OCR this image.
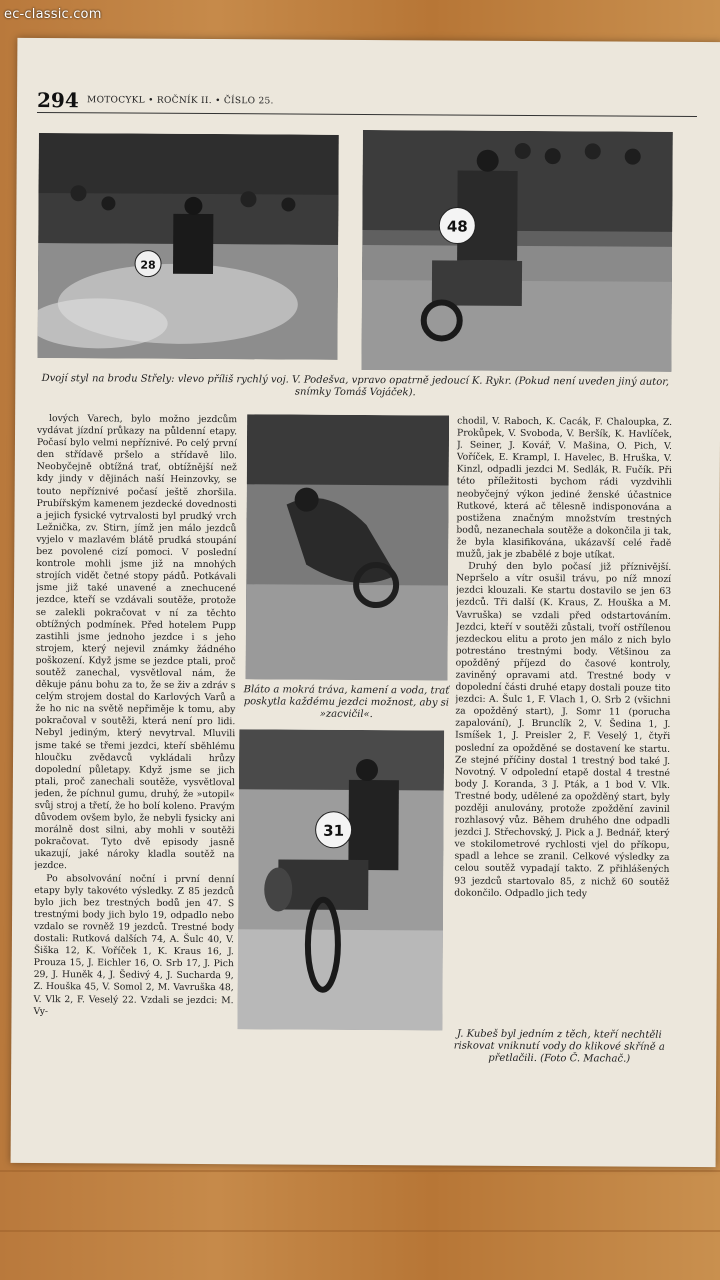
ec-classic.com
294 MOTOCYKL • ROČNÍK II. • ČÍSLO 25.
28
48
Dvojí styl na brodu Střely: vlevo příliš rychlý voj. V. Podešva, vpravo opatrně jedoucí K. Rykr. (Pokud není uveden jiný autor, snímky Tomáš Vojáček).

lových Varech, bylo možno jezdcům vydávat jízdní průkazy na půldenní etapy. Počasí bylo velmi nepříznivé. Po celý první den střídavě pršelo a střídavě lilo. Neobyčejně obtížná trať, obtížnější než kdy jindy v dějinách naší Heinzovky, se touto nepříznivé počasí ještě zhoršila. Prubířským kamenem jezdecké dovednosti a jejich fysické vytrvalosti byl prudký vrch Ležnička, zv. Stirn, jímž jen málo jezdců vyjelo v mazlavém blátě prudká stoupání bez povolené cizí pomoci. V poslední kontrole mohli jsme již na mnohých strojích vidět četné stopy pádů. Potkávali jsme již také unavené a znechucené jezdce, kteří se vzdávali soutěže, protože se zalekli pokračovat v ní za těchto obtížných podmínek. Před hotelem Pupp zastihli jsme jednoho jezdce i s jeho strojem, který nejevil známky žádného poškození. Když jsme se jezdce ptali, proč soutěž zanechal, vysvětloval nám, že děkuje pánu bohu za to, že se živ a zdráv s celým strojem dostal do Karlových Varů a že ho nic na světě nepřiměje k tomu, aby pokračoval v soutěži, která není pro lidi. Nebyl jediným, který nevytrval. Mluvili jsme také se třemi jezdci, kteří sběhlému hloučku zvědavců vykládali hrůzy dopolední půletapy. Když jsme se jich ptali, proč zanechali soutěže, vysvětloval jeden, že píchnul gumu, druhý, že »utopil« svůj stroj a třetí, že ho bolí koleno. Pravým důvodem ovšem bylo, že nebyli fysicky ani morálně dost silni, aby mohli v soutěži pokračovat. Tyto dvě episody jasně ukazují, jaké nároky kladla soutěž na jezdce.

Po absolvování noční i první denní etapy byly takovéto výsledky. Z 85 jezdců bylo jich bez trestných bodů jen 47. S trestnými body jich bylo 19, odpadlo nebo vzdalo se rovněž 19 jezdců. Trestné body dostali: Rutková dalších 74, A. Šulc 40, V. Šiška 12, K. Voříček 1, K. Kraus 16, J. Prouza 15, J. Eichler 16, O. Srb 17, J. Pich 29, J. Huněk 4, J. Šedivý 4, J. Sucharda 9, Z. Houška 45, V. Somol 2, M. Vavruška 48, V. Vlk 2, F. Veselý 22. Vzdali se jezdci: M. Vy-

Bláto a mokrá tráva, kamení a voda, trať poskytla každému jezdci možnost, aby si »zacvičil«.
31

chodil, V. Raboch, K. Cacák, F. Chaloupka, Z. Prokůpek, V. Svoboda, V. Beršík, K. Havlíček, J. Seiner, J. Kovář, V. Mašina, O. Pich, V. Voříček, E. Krampl, I. Havelec, B. Hruška, V. Kinzl, odpadli jezdci M. Sedlák, R. Fučík. Při této příležitosti bychom rádi vyzdvihli neobyčejný výkon jediné ženské účastnice Rutkové, která ač tělesně indisponována a postižena značným množstvím trestných bodů, nezanechala soutěže a dokončila ji tak, že byla klasifikována, ukázavší celé řadě mužů, jak je zbabělé z boje utíkat.

Druhý den bylo počasí již příznivější. Nepršelo a vítr osušil trávu, po níž mnozí jezdci klouzali. Ke startu dostavilo se jen 63 jezdců. Tři další (K. Kraus, Z. Houška a M. Vavruška) se vzdali před odstartováním. Jezdci, kteří v soutěži zůstali, tvoří ostřílenou jezdeckou elitu a proto jen málo z nich bylo potrestáno trestnými body. Většinou za opožděný příjezd do časové kontroly, zaviněný opravami atd. Trestné body v dopolední části druhé etapy dostali pouze tito jezdci: A. Šulc 1, F. Vlach 1, O. Srb 2 (všichni za opožděný start), J. Somr 11 (porucha zapalování), J. Brunclík 2, V. Šedina 1, J. Ismíšek 1, J. Preisler 2, F. Veselý 1, čtyři poslední za opožděné se dostavení ke startu. Ze stejné příčiny dostal 1 trestný bod také J. Novotný. V odpolední etapě dostal 4 trestné body J. Koranda, 3 J. Pták, a 1 bod V. Vlk. Trestné body, udělené za opožděný start, byly později anulovány, protože zpoždění zavinil rozhlasový vůz. Během druhého dne odpadli jezdci J. Střechovský, J. Pick a J. Bednář, který ve stokilometrové rychlosti vjel do příkopu, spadl a lehce se zranil. Celkové výsledky za celou soutěž vypadají takto. Z přihlášených 93 jezdců startovalo 85, z nichž 60 soutěž dokončilo. Odpadlo jich tedy

J. Kubeš byl jedním z těch, kteří nechtěli riskovat vniknutí vody do klikové skříně a přetlačili. (Foto Č. Machač.)
